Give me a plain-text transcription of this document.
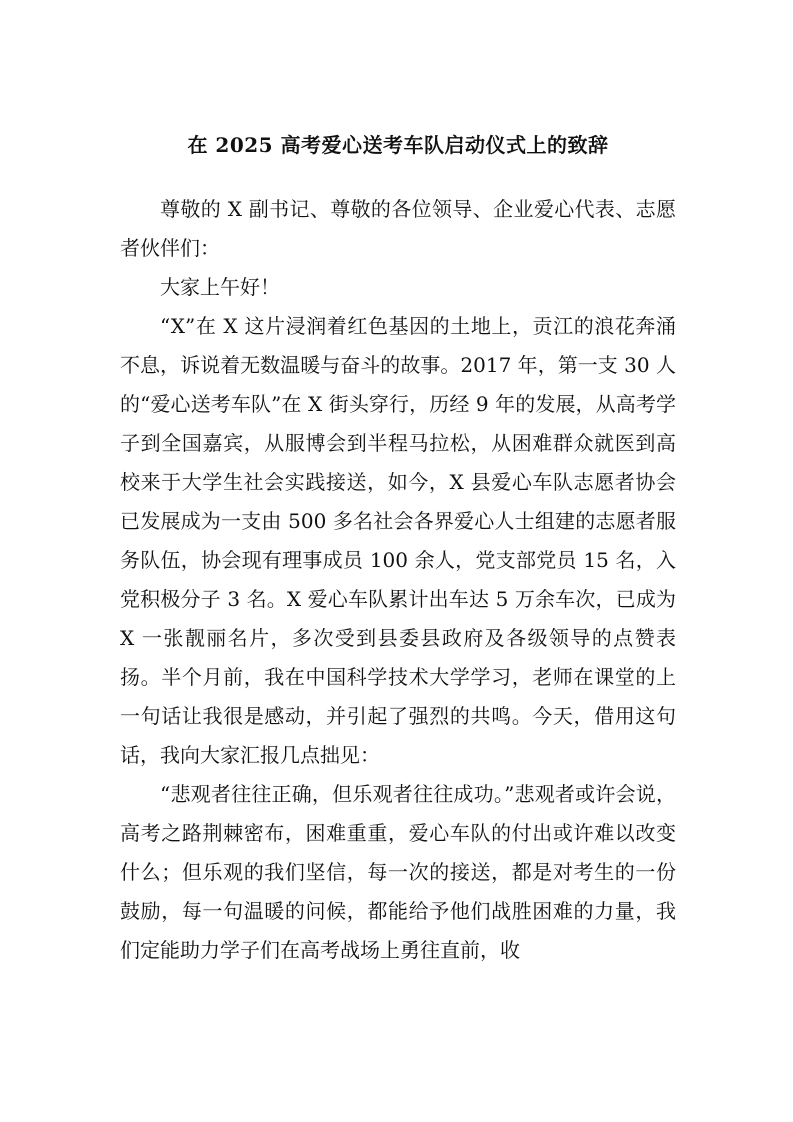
在 2025 高考爱心送考车队启动仪式上的致辞

尊敬的 X 副书记、尊敬的各位领导、企业爱心代表、志愿者伙伴们：

大家上午好！

“X”在 X 这片浸润着红色基因的土地上，贡江的浪花奔涌不息，诉说着无数温暖与奋斗的故事。2017 年，第一支 30 人的“爱心送考车队”在 X 街头穿行，历经 9 年的发展，从高考学子到全国嘉宾，从服博会到半程马拉松，从困难群众就医到高校来于大学生社会实践接送，如今，X 县爱心车队志愿者协会已发展成为一支由 500 多名社会各界爱心人士组建的志愿者服务队伍，协会现有理事成员 100 余人，党支部党员 15 名，入党积极分子 3 名。X 爱心车队累计出车达 5 万余车次，已成为 X 一张靓丽名片，多次受到县委县政府及各级领导的点赞表扬。半个月前，我在中国科学技术大学学习，老师在课堂的上一句话让我很是感动，并引起了强烈的共鸣。今天，借用这句话，我向大家汇报几点拙见：

“悲观者往往正确，但乐观者往往成功。”悲观者或许会说，高考之路荆棘密布，困难重重，爱心车队的付出或许难以改变什么；但乐观的我们坚信，每一次的接送，都是对考生的一份鼓励，每一句温暖的问候，都能给予他们战胜困难的力量，我们定能助力学子们在高考战场上勇往直前，收
